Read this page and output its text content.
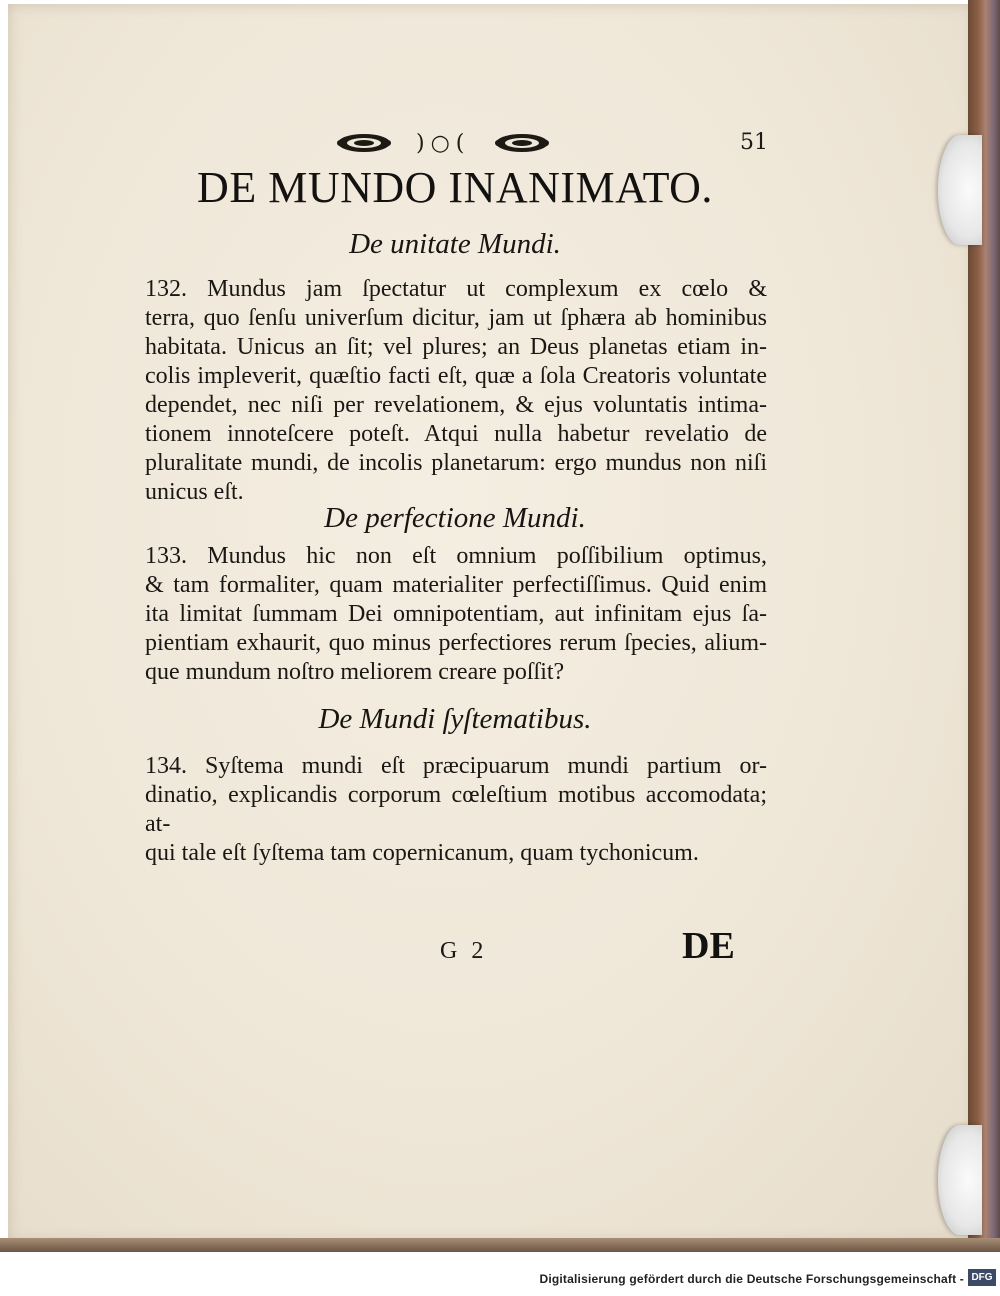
)○(	51
DE MUNDO INANIMATO.
De unitate Mundi.

132. Mundus jam ſpectatur ut complexum ex cœlo &
terra, quo ſenſu univerſum dicitur, jam ut ſphæra ab hominibus
habitata. Unicus an ſit; vel plures; an Deus planetas etiam in-
colis impleverit, quæſtio facti eſt, quæ a ſola Creatoris voluntate
dependet, nec niſi per revelationem, & ejus voluntatis intima-
tionem innoteſcere poteſt. Atqui nulla habetur revelatio de
pluralitate mundi, de incolis planetarum: ergo mundus non niſi
unicus eſt.

De perfectione Mundi.

133. Mundus hic non eſt omnium poſſibilium optimus,
& tam formaliter, quam materialiter perfectiſſimus. Quid enim
ita limitat ſummam Dei omnipotentiam, aut infinitam ejus ſa-
pientiam exhaurit, quo minus perfectiores rerum ſpecies, alium-
que mundum noſtro meliorem creare poſſit?

De Mundi ſyſtematibus.

134. Syſtema mundi eſt præcipuarum mundi partium or-
dinatio, explicandis corporum cœleſtium motibus accomodata; at-
qui tale eſt ſyſtema tam copernicanum, quam tychonicum.

G 2	DE
Digitalisierung gefördert durch die Deutsche Forschungsgemeinschaft - DFG
